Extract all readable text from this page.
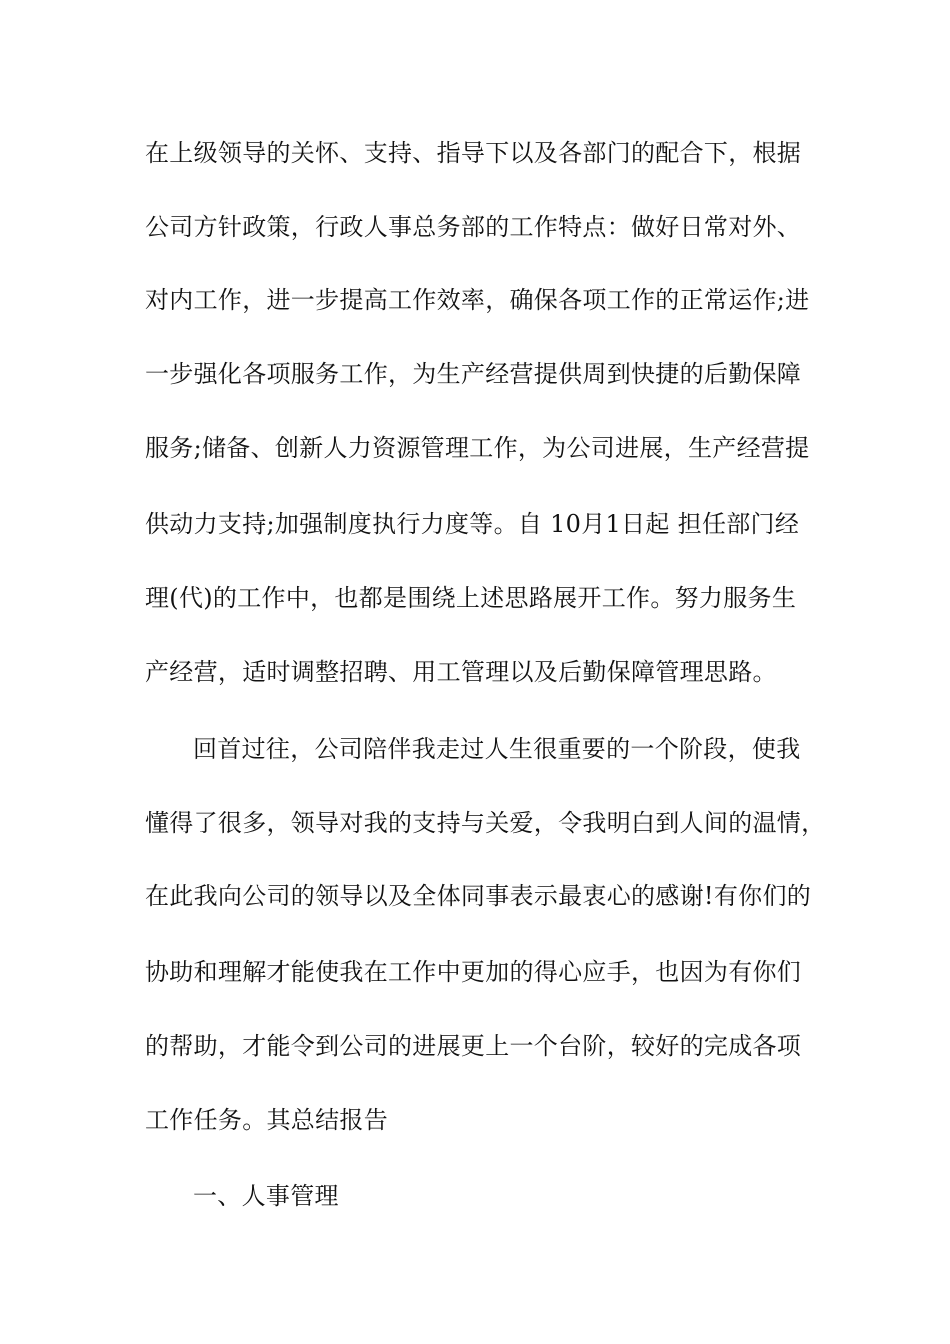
在上级领导的关怀、支持、指导下以及各部门的配合下，根据
公司方针政策，行政人事总务部的工作特点：做好日常对外、
对内工作，进一步提高工作效率，确保各项工作的正常运作;进
一步强化各项服务工作，为生产经营提供周到快捷的后勤保障
服务;储备、创新人力资源管理工作，为公司进展，生产经营提
供动力支持;加强制度执行力度等。自 10月1日起 担任部门经
理(代)的工作中，也都是围绕上述思路展开工作。努力服务生
产经营，适时调整招聘、用工管理以及后勤保障管理思路。
回首过往，公司陪伴我走过人生很重要的一个阶段，使我
懂得了很多，领导对我的支持与关爱，令我明白到人间的温情，
在此我向公司的领导以及全体同事表示最衷心的感谢!有你们的
协助和理解才能使我在工作中更加的得心应手，也因为有你们
的帮助，才能令到公司的进展更上一个台阶，较好的完成各项
工作任务。其总结报告
一、人事管理
